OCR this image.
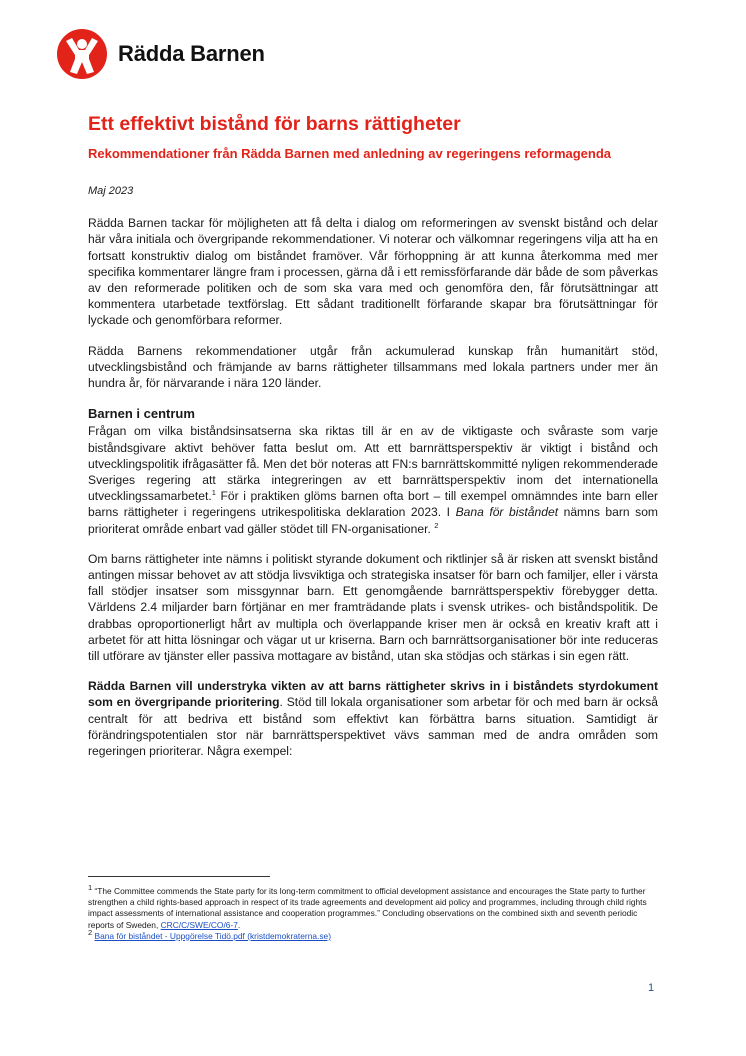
Rädda Barnen
Ett effektivt bistånd för barns rättigheter
Rekommendationer från Rädda Barnen med anledning av regeringens reformagenda

Maj 2023

Rädda Barnen tackar för möjligheten att få delta i dialog om reformeringen av svenskt bistånd och delar här våra initiala och övergripande rekommendationer. Vi noterar och välkomnar regeringens vilja att ha en fortsatt konstruktiv dialog om biståndet framöver. Vår förhoppning är att kunna återkomma med mer specifika kommentarer längre fram i processen, gärna då i ett remissförfarande där både de som påverkas av den reformerade politiken och de som ska vara med och genomföra den, får förutsättningar att kommentera utarbetade textförslag. Ett sådant traditionellt förfarande skapar bra förutsättningar för lyckade och genomförbara reformer.

Rädda Barnens rekommendationer utgår från ackumulerad kunskap från humanitärt stöd, utvecklingsbistånd och främjande av barns rättigheter tillsammans med lokala partners under mer än hundra år, för närvarande i nära 120 länder.

Barnen i centrum

Frågan om vilka biståndsinsatserna ska riktas till är en av de viktigaste och svåraste som varje biståndsgivare aktivt behöver fatta beslut om. Att ett barnrättsperspektiv är viktigt i bistånd och utvecklingspolitik ifrågasätter få. Men det bör noteras att FN:s barnrättskommitté nyligen rekommenderade Sveriges regering att stärka integreringen av ett barnrättsperspektiv inom det internationella utvecklingssamarbetet.$^1$ För i praktiken glöms barnen ofta bort – till exempel omnämndes inte barn eller barns rättigheter i regeringens utrikespolitiska deklaration 2023. I Bana för biståndet nämns barn som prioriterat område enbart vad gäller stödet till FN-organisationer. $^2$

Om barns rättigheter inte nämns i politiskt styrande dokument och riktlinjer så är risken att svenskt bistånd antingen missar behovet av att stödja livsviktiga och strategiska insatser för barn och familjer, eller i värsta fall stödjer insatser som missgynnar barn. Ett genomgående barnrättsperspektiv förebygger detta. Världens 2.4 miljarder barn förtjänar en mer framträdande plats i svensk utrikes- och biståndspolitik. De drabbas oproportionerligt hårt av multipla och överlappande kriser men är också en kreativ kraft att i arbetet för att hitta lösningar och vägar ut ur kriserna. Barn och barnrättsorganisationer bör inte reduceras till utförare av tjänster eller passiva mottagare av bistånd, utan ska stödjas och stärkas i sin egen rätt.

Rädda Barnen vill understryka vikten av att barns rättigheter skrivs in i biståndets styrdokument som en övergripande prioritering. Stöd till lokala organisationer som arbetar för och med barn är också centralt för att bedriva ett bistånd som effektivt kan förbättra barns situation. Samtidigt är förändringspotentialen stor när barnrättsperspektivet vävs samman med de andra områden som regeringen prioriterar. Några exempel:

$^1$ “The Committee commends the State party for its long-term commitment to official development assistance and encourages the State party to further strengthen a child rights-based approach in respect of its trade agreements and development aid policy and programmes, including through child rights impact assessments of international assistance and cooperation programmes.” Concluding observations on the combined sixth and seventh periodic reports of Sweden, CRC/C/SWE/CO/6-7.

$^2$ Bana för biståndet - Uppgörelse Tidö.pdf (kristdemokraterna.se)

1
